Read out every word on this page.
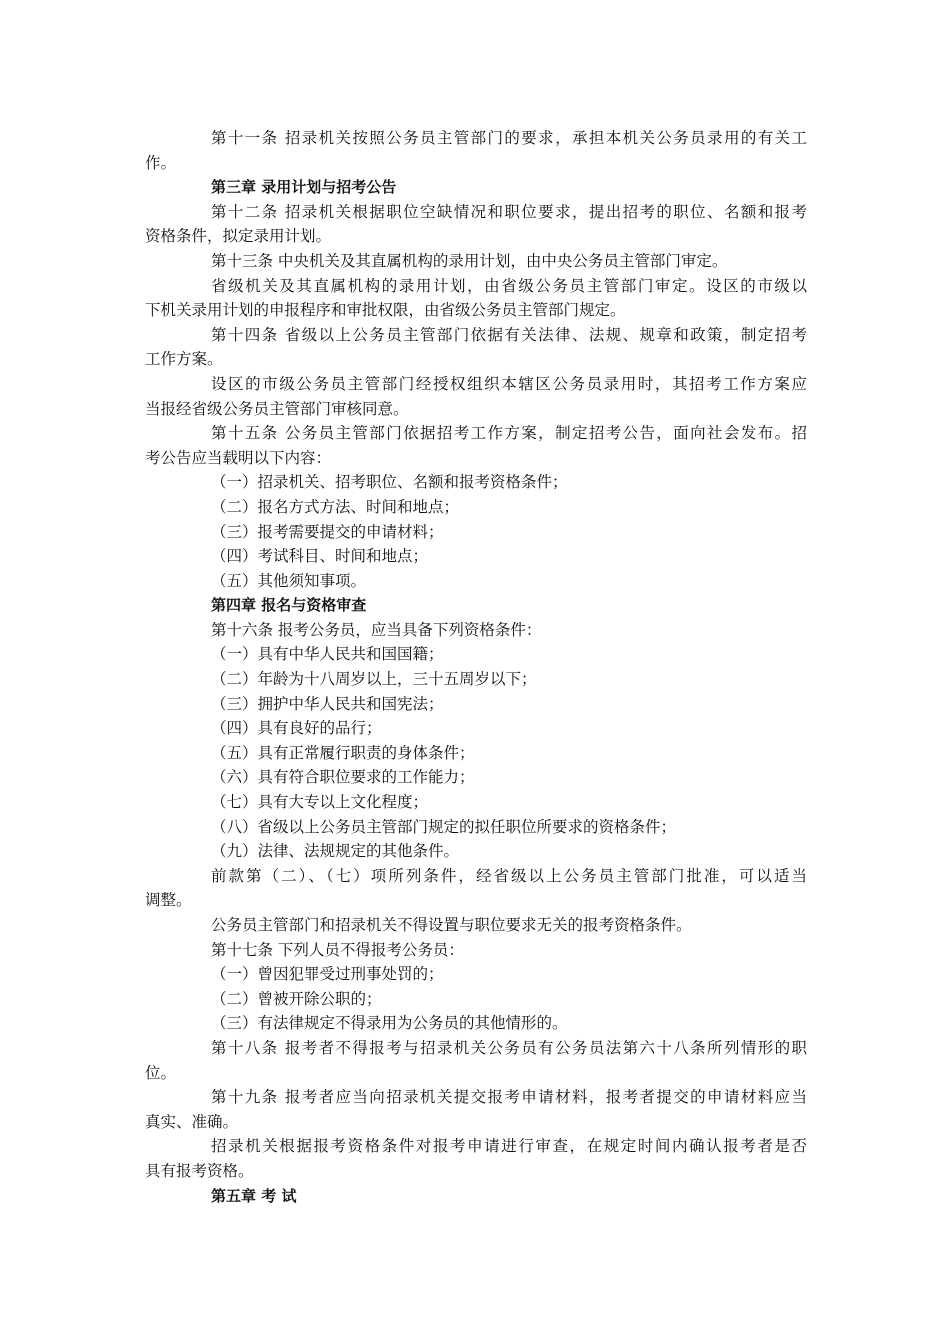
第十一条 招录机关按照公务员主管部门的要求，承担本机关公务员录用的有关工
作。
第三章 录用计划与招考公告
第十二条 招录机关根据职位空缺情况和职位要求，提出招考的职位、名额和报考
资格条件，拟定录用计划。
第十三条 中央机关及其直属机构的录用计划，由中央公务员主管部门审定。
省级机关及其直属机构的录用计划，由省级公务员主管部门审定。设区的市级以
下机关录用计划的申报程序和审批权限，由省级公务员主管部门规定。
第十四条 省级以上公务员主管部门依据有关法律、法规、规章和政策，制定招考
工作方案。
设区的市级公务员主管部门经授权组织本辖区公务员录用时，其招考工作方案应
当报经省级公务员主管部门审核同意。
第十五条 公务员主管部门依据招考工作方案，制定招考公告，面向社会发布。招
考公告应当载明以下内容：
（一）招录机关、招考职位、名额和报考资格条件；
（二）报名方式方法、时间和地点；
（三）报考需要提交的申请材料；
（四）考试科目、时间和地点；
（五）其他须知事项。
第四章 报名与资格审查
第十六条 报考公务员，应当具备下列资格条件：
（一）具有中华人民共和国国籍；
（二）年龄为十八周岁以上，三十五周岁以下；
（三）拥护中华人民共和国宪法；
（四）具有良好的品行；
（五）具有正常履行职责的身体条件；
（六）具有符合职位要求的工作能力；
（七）具有大专以上文化程度；
（八）省级以上公务员主管部门规定的拟任职位所要求的资格条件；
（九）法律、法规规定的其他条件。
前款第（二）、（七）项所列条件，经省级以上公务员主管部门批准，可以适当
调整。
公务员主管部门和招录机关不得设置与职位要求无关的报考资格条件。
第十七条 下列人员不得报考公务员：
（一）曾因犯罪受过刑事处罚的；
（二）曾被开除公职的；
（三）有法律规定不得录用为公务员的其他情形的。
第十八条 报考者不得报考与招录机关公务员有公务员法第六十八条所列情形的职
位。
第十九条 报考者应当向招录机关提交报考申请材料，报考者提交的申请材料应当
真实、准确。
招录机关根据报考资格条件对报考申请进行审查，在规定时间内确认报考者是否
具有报考资格。
第五章 考 试
